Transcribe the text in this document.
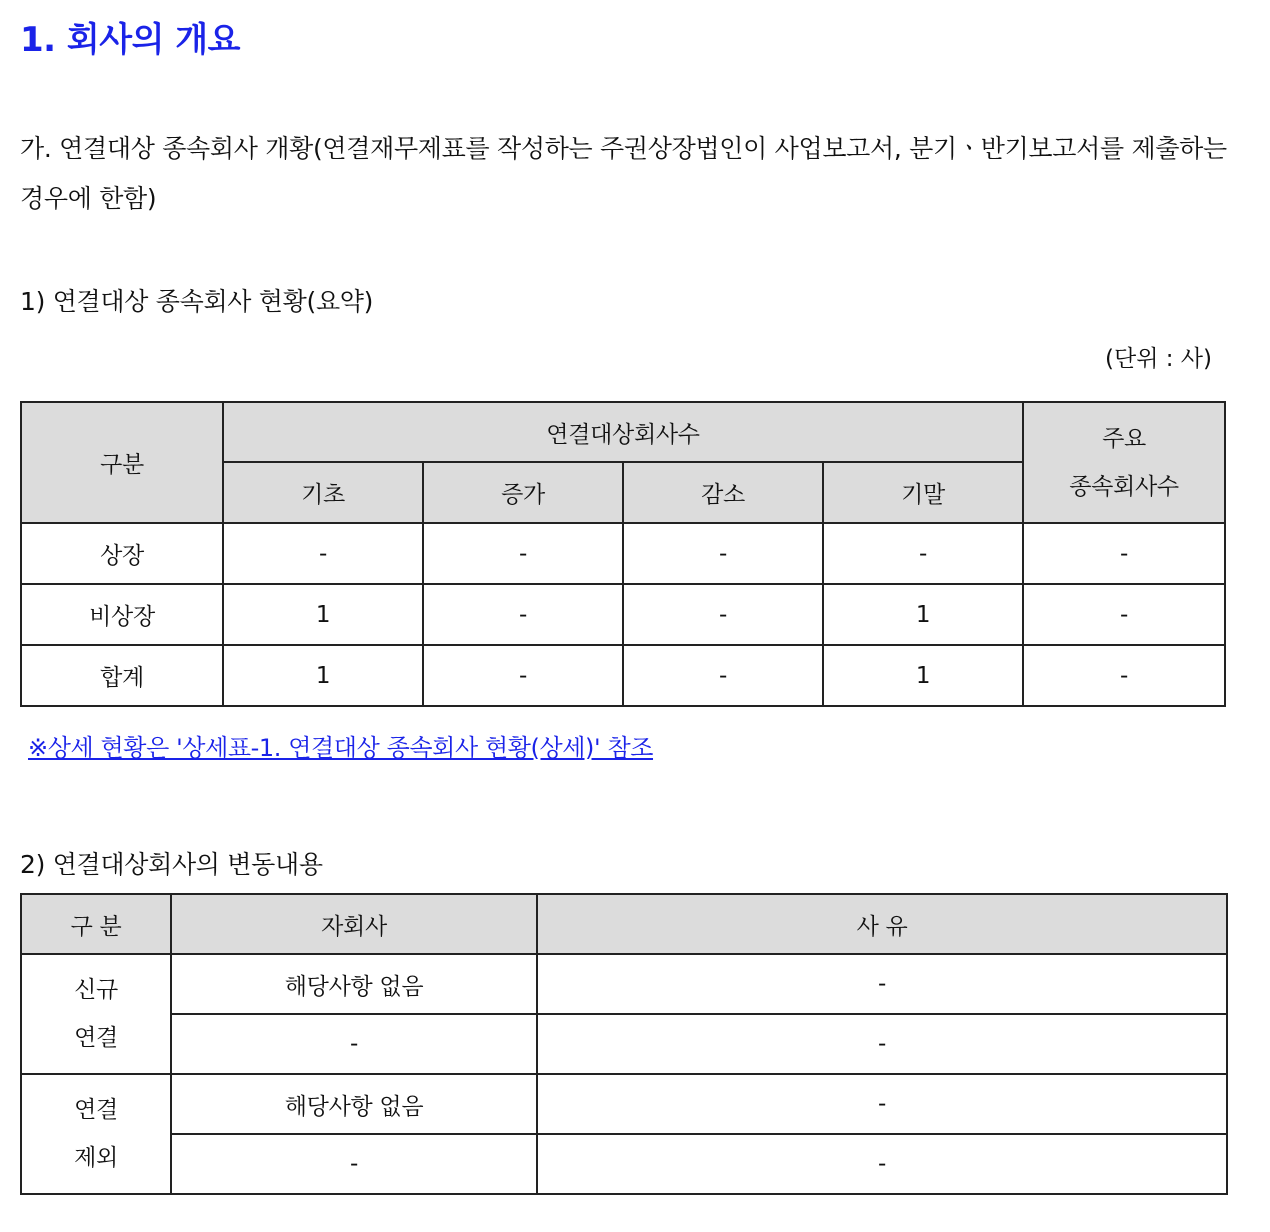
1. 회사의 개요

가. 연결대상 종속회사 개황(연결재무제표를 작성하는 주권상장법인이 사업보고서, 분기ㆍ반기보고서를 제출하는 경우에 한함)

1) 연결대상 종속회사 현황(요약)

(단위 : 사)
구분	연결대상회사수				주요
종속회사수
	기초	증가	감소	기말	
상장	-	-	-	-	-
비상장	1	-	-	1	-
합계	1	-	-	1	-
※상세 현황은 '상세표-1. 연결대상 종속회사 현황(상세)' 참조

2) 연결대상회사의 변동내용

구 분	자회사	사 유
신규
연결	해당사항 없음	-
	-	-
연결
제외	해당사항 없음	-
	-	-
